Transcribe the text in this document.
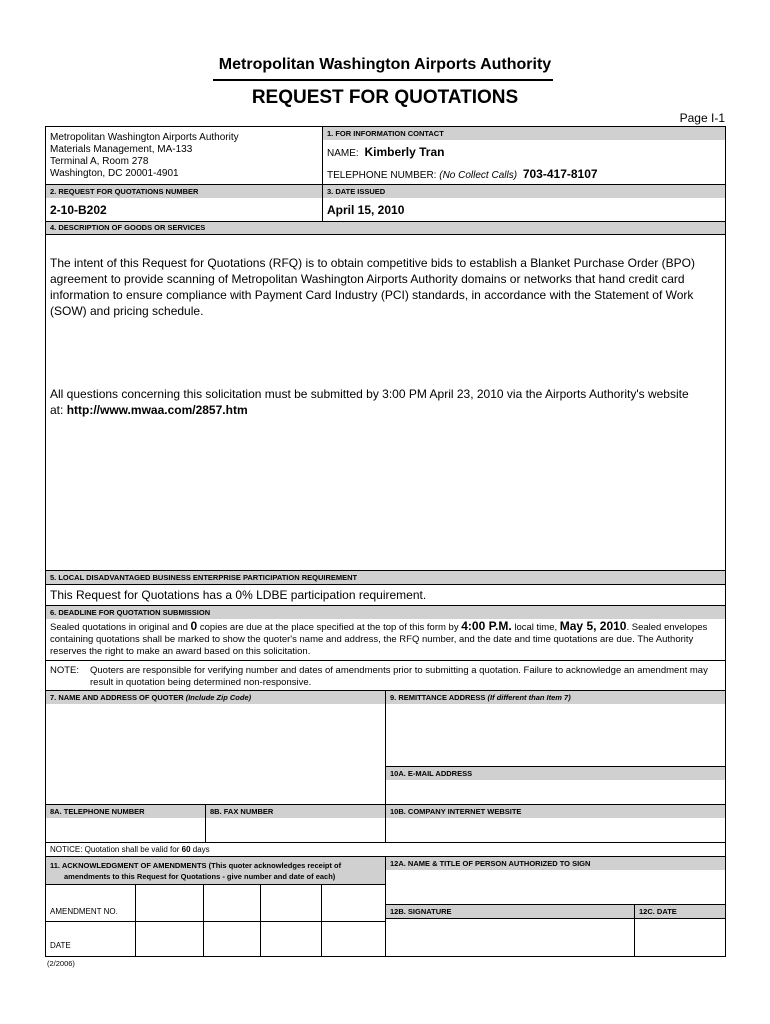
Metropolitan Washington Airports Authority
REQUEST FOR QUOTATIONS
Page I-1
Metropolitan Washington Airports Authority
Materials Management, MA-133
Terminal A, Room 278
Washington, DC 20001-4901
1. FOR INFORMATION CONTACT
NAME: Kimberly Tran
TELEPHONE NUMBER: (No Collect Calls) 703-417-8107
2. REQUEST FOR QUOTATIONS NUMBER	3. DATE ISSUED
2-10-B202	April 15, 2010
4. DESCRIPTION OF GOODS OR SERVICES
The intent of this Request for Quotations (RFQ) is to obtain competitive bids to establish a Blanket Purchase Order (BPO) agreement to provide scanning of Metropolitan Washington Airports Authority domains or networks that hand credit card information to ensure compliance with Payment Card Industry (PCI) standards, in accordance with the Statement of Work (SOW) and pricing schedule.
All questions concerning this solicitation must be submitted by 3:00 PM April 23, 2010 via the Airports Authority's website at: http://www.mwaa.com/2857.htm
5. LOCAL DISADVANTAGED BUSINESS ENTERPRISE PARTICIPATION REQUIREMENT
This Request for Quotations has a 0% LDBE participation requirement.
6. DEADLINE FOR QUOTATION SUBMISSION
Sealed quotations in original and 0 copies are due at the place specified at the top of this form by 4:00 P.M. local time, May 5, 2010. Sealed envelopes containing quotations shall be marked to show the quoter's name and address, the RFQ number, and the date and time quotations are due. The Authority reserves the right to make an award based on this solicitation.
NOTE: Quoters are responsible for verifying number and dates of amendments prior to submitting a quotation. Failure to acknowledge an amendment may result in quotation being determined non-responsive.
7. NAME AND ADDRESS OF QUOTER (Include Zip Code)	9. REMITTANCE ADDRESS (If different than Item 7)
10A. E-MAIL ADDRESS
8A. TELEPHONE NUMBER	8B. FAX NUMBER	10B. COMPANY INTERNET WEBSITE
NOTICE: Quotation shall be valid for 60 days
11. ACKNOWLEDGMENT OF AMENDMENTS (This quoter acknowledges receipt of
amendments to this Request for Quotations - give number and date of each)
AMENDMENT NO.
DATE
12A. NAME & TITLE OF PERSON AUTHORIZED TO SIGN
12B. SIGNATURE	12C. DATE
(2/2006)
